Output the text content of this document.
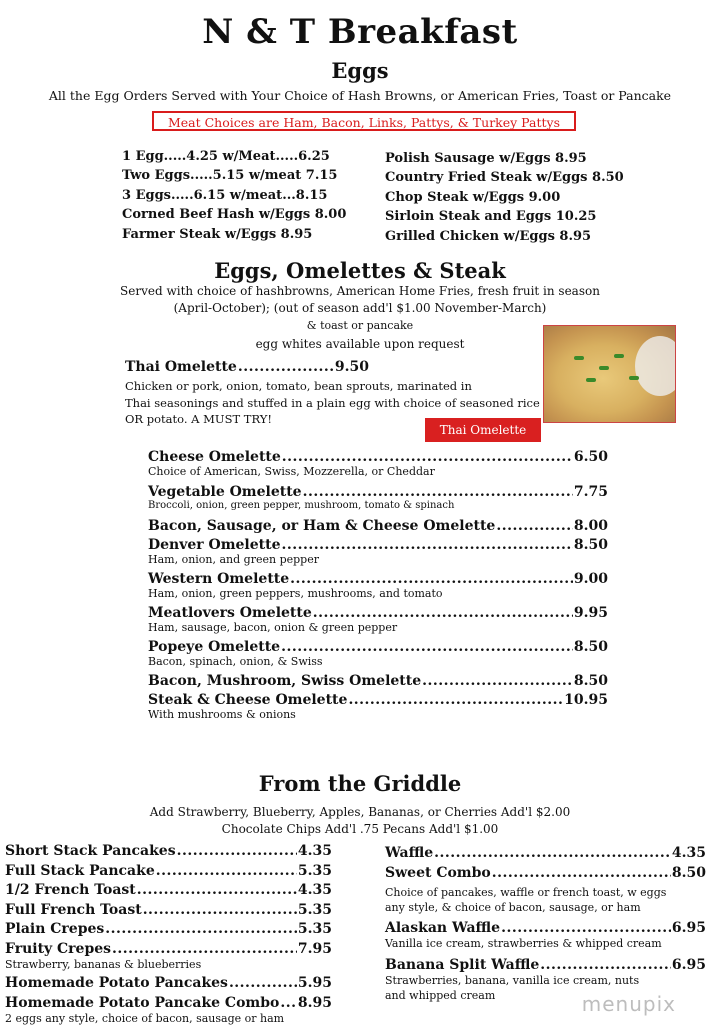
N & T Breakfast
Eggs
All the Egg Orders Served with Your Choice of Hash Browns, or American Fries, Toast or Pancake
Meat Choices are Ham, Bacon, Links, Pattys, & Turkey Pattys
1 Egg.....4.25 w/Meat.....6.25
Two Eggs.....5.15 w/meat 7.15
3 Eggs.....6.15 w/meat...8.15
Corned Beef Hash w/Eggs 8.00
Farmer Steak w/Eggs 8.95
Polish Sausage w/Eggs 8.95
Country Fried Steak w/Eggs 8.50
Chop Steak w/Eggs 9.00
Sirloin Steak and Eggs 10.25
Grilled Chicken w/Eggs 8.95
Eggs, Omelettes & Steak
Served with choice of hashbrowns, American Home Fries, fresh fruit in season
(April-October); (out of season add'l $1.00 November-March)
& toast or pancake
egg whites available upon request
Thai Omelette .....	9.50
Chicken or pork, onion, tomato, bean sprouts, marinated in
Thai seasonings and stuffed in a plain egg with choice of seasoned rice
OR potato. A MUST TRY!
Thai Omelette
Cheese Omelette .....	6.50
Choice of American, Swiss, Mozzerella, or Cheddar
Vegetable Omelette .....	7.75
Broccoli, onion, green pepper, mushroom, tomato & spinach
Bacon, Sausage, or Ham & Cheese Omelette .....	8.00
Denver Omelette .....	8.50
Ham, onion, and green pepper
Western Omelette .....	9.00
Ham, onion, green peppers, mushrooms, and tomato
Meatlovers Omelette .....	9.95
Ham, sausage, bacon, onion & green pepper
Popeye Omelette .....	8.50
Bacon, spinach, onion, & Swiss
Bacon, Mushroom, Swiss Omelette .....	8.50
Steak & Cheese Omelette .....	10.95
With mushrooms & onions
From the Griddle
Add Strawberry, Blueberry, Apples, Bananas, or Cherries Add'l $2.00
Chocolate Chips Add'l .75 Pecans Add'l $1.00
Short Stack Pancakes .....	4.35
Full Stack Pancake .....	5.35
1/2 French Toast .....	4.35
Full French Toast .....	5.35
Plain Crepes .....	5.35
Fruity Crepes .....	7.95
Strawberry, bananas & blueberries
Homemade Potato Pancakes .....	5.95
Homemade Potato Pancake Combo ..... 8.95
2 eggs any style, choice of bacon, sausage or ham
Waffle .....	4.35
Sweet Combo .....	8.50
Choice of pancakes, waffle or french toast, w eggs
any style, & choice of bacon, sausage, or ham
Alaskan Waffle .....	6.95
Vanilla ice cream, strawberries & whipped cream
Banana Split Waffle .....	6.95
Strawberries, banana, vanilla ice cream, nuts
and whipped cream	menupix
